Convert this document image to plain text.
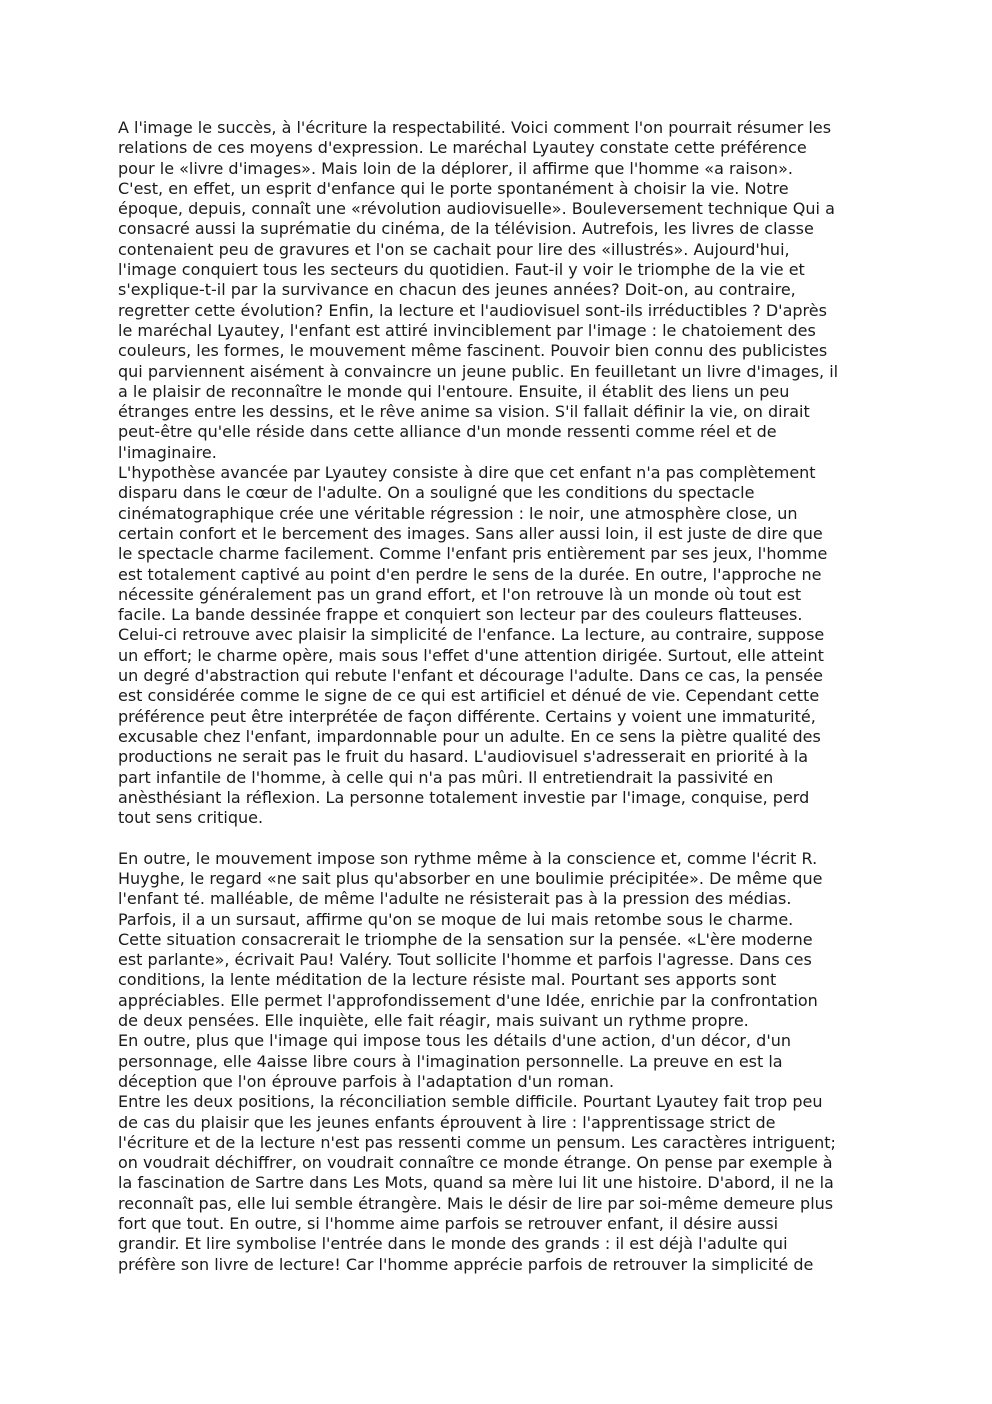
A l'image le succès, à l'écriture la respectabilité. Voici comment l'on pourrait résumer les
relations de ces moyens d'expression. Le maréchal Lyautey constate cette préférence
pour le «livre d'images». Mais loin de la déplorer, il affirme que l'homme «a raison».
C'est, en effet, un esprit d'enfance qui le porte spontanément à choisir la vie. Notre
époque, depuis, connaît une «révolution audiovisuelle». Bouleversement technique Qui a
consacré aussi la suprématie du cinéma, de la télévision. Autrefois, les livres de classe
contenaient peu de gravures et l'on se cachait pour lire des «illustrés». Aujourd'hui,
l'image conquiert tous les secteurs du quotidien. Faut-il y voir le triomphe de la vie et
s'explique-t-il par la survivance en chacun des jeunes années? Doit-on, au contraire,
regretter cette évolution? Enfin, la lecture et l'audiovisuel sont-ils irréductibles ? D'après
le maréchal Lyautey, l'enfant est attiré invinciblement par l'image : le chatoiement des
couleurs, les formes, le mouvement même fascinent. Pouvoir bien connu des publicistes
qui parviennent aisément à convaincre un jeune public. En feuilletant un livre d'images, il
a le plaisir de reconnaître le monde qui l'entoure. Ensuite, il établit des liens un peu
étranges entre les dessins, et le rêve anime sa vision. S'il fallait définir la vie, on dirait
peut-être qu'elle réside dans cette alliance d'un monde ressenti comme réel et de
l'imaginaire.
L'hypothèse avancée par Lyautey consiste à dire que cet enfant n'a pas complètement
disparu dans le cœur de l'adulte. On a souligné que les conditions du spectacle
cinématographique crée une véritable régression : le noir, une atmosphère close, un
certain confort et le bercement des images. Sans aller aussi loin, il est juste de dire que
le spectacle charme facilement. Comme l'enfant pris entièrement par ses jeux, l'homme
est totalement captivé au point d'en perdre le sens de la durée. En outre, l'approche ne
nécessite généralement pas un grand effort, et l'on retrouve là un monde où tout est
facile. La bande dessinée frappe et conquiert son lecteur par des couleurs flatteuses.
Celui-ci retrouve avec plaisir la simplicité de l'enfance. La lecture, au contraire, suppose
un effort; le charme opère, mais sous l'effet d'une attention dirigée. Surtout, elle atteint
un degré d'abstraction qui rebute l'enfant et décourage l'adulte. Dans ce cas, la pensée
est considérée comme le signe de ce qui est artificiel et dénué de vie. Cependant cette
préférence peut être interprétée de façon différente. Certains y voient une immaturité,
excusable chez l'enfant, impardonnable pour un adulte. En ce sens la piètre qualité des
productions ne serait pas le fruit du hasard. L'audiovisuel s'adresserait en priorité à la
part infantile de l'homme, à celle qui n'a pas mûri. Il entretiendrait la passivité en
anèsthésiant la réflexion. La personne totalement investie par l'image, conquise, perd
tout sens critique.
En outre, le mouvement impose son rythme même à la conscience et, comme l'écrit R.
Huyghe, le regard «ne sait plus qu'absorber en une boulimie précipitée». De même que
l'enfant té. malléable, de même l'adulte ne résisterait pas à la pression des médias.
Parfois, il a un sursaut, affirme qu'on se moque de lui mais retombe sous le charme.
Cette situation consacrerait le triomphe de la sensation sur la pensée. «L'ère moderne
est parlante», écrivait Pau! Valéry. Tout sollicite l'homme et parfois l'agresse. Dans ces
conditions, la lente méditation de la lecture résiste mal. Pourtant ses apports sont
appréciables. Elle permet l'approfondissement d'une Idée, enrichie par la confrontation
de deux pensées. Elle inquiète, elle fait réagir, mais suivant un rythme propre.
En outre, plus que l'image qui impose tous les détails d'une action, d'un décor, d'un
personnage, elle 4aisse libre cours à l'imagination personnelle. La preuve en est la
déception que l'on éprouve parfois à l'adaptation d'un roman.
Entre les deux positions, la réconciliation semble difficile. Pourtant Lyautey fait trop peu
de cas du plaisir que les jeunes enfants éprouvent à lire : l'apprentissage strict de
l'écriture et de la lecture n'est pas ressenti comme un pensum. Les caractères intriguent;
on voudrait déchiffrer, on voudrait connaître ce monde étrange. On pense par exemple à
la fascination de Sartre dans Les Mots, quand sa mère lui lit une histoire. D'abord, il ne la
reconnaît pas, elle lui semble étrangère. Mais le désir de lire par soi-même demeure plus
fort que tout. En outre, si l'homme aime parfois se retrouver enfant, il désire aussi
grandir. Et lire symbolise l'entrée dans le monde des grands : il est déjà l'adulte qui
préfère son livre de lecture! Car l'homme apprécie parfois de retrouver la simplicité de
